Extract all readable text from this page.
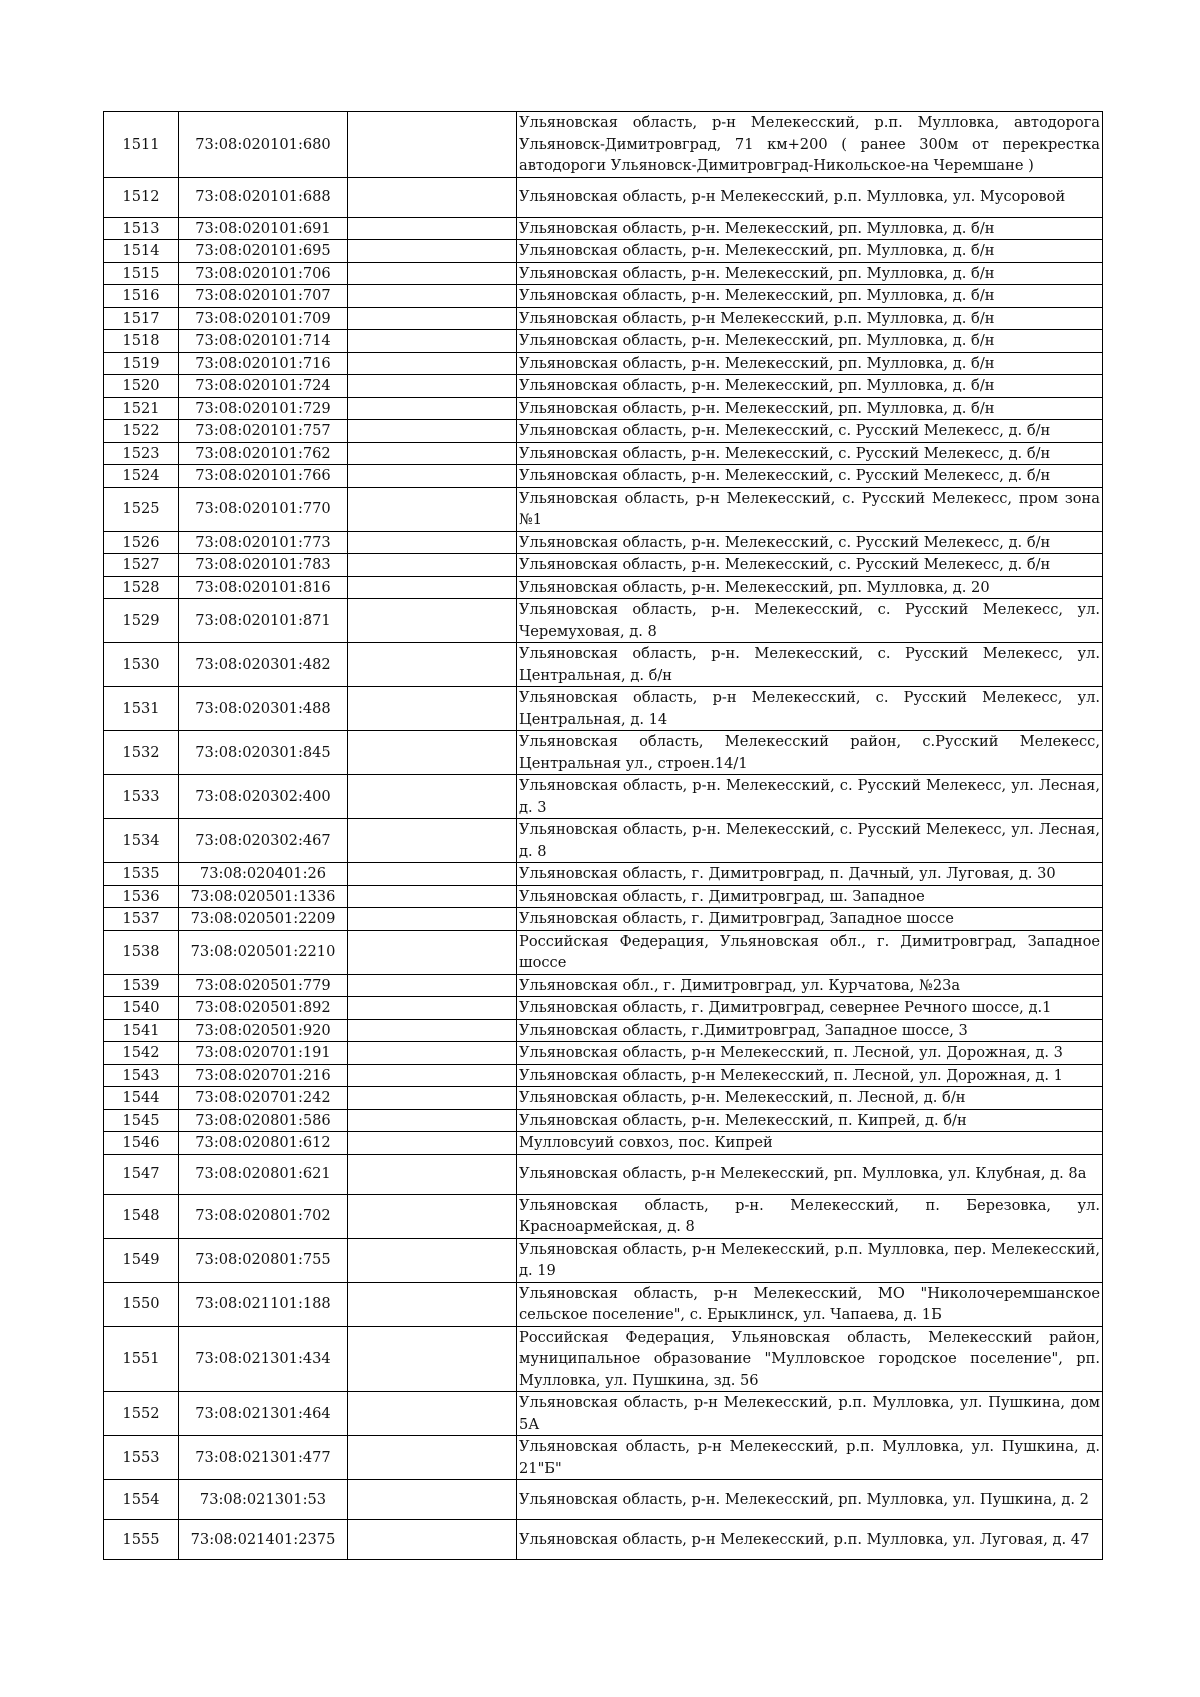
1511	73:08:020101:680		Ульяновская область, р-н Мелекесский, р.п. Мулловка, автодорога Ульяновск-Димитровград, 71 км+200 ( ранее 300м от перекрестка автодороги Ульяновск-Димитровград-Никольское-на Черемшане )
1512	73:08:020101:688		Ульяновская область, р-н Мелекесский, р.п. Мулловка, ул. Мусоровой
1513	73:08:020101:691		Ульяновская область, р-н. Мелекесский, рп. Мулловка, д. б/н
1514	73:08:020101:695		Ульяновская область, р-н. Мелекесский, рп. Мулловка, д. б/н
1515	73:08:020101:706		Ульяновская область, р-н. Мелекесский, рп. Мулловка, д. б/н
1516	73:08:020101:707		Ульяновская область, р-н. Мелекесский, рп. Мулловка, д. б/н
1517	73:08:020101:709		Ульяновская область, р-н Мелекесский, р.п. Мулловка, д. б/н
1518	73:08:020101:714		Ульяновская область, р-н. Мелекесский, рп. Мулловка, д. б/н
1519	73:08:020101:716		Ульяновская область, р-н. Мелекесский, рп. Мулловка, д. б/н
1520	73:08:020101:724		Ульяновская область, р-н. Мелекесский, рп. Мулловка, д. б/н
1521	73:08:020101:729		Ульяновская область, р-н. Мелекесский, рп. Мулловка, д. б/н
1522	73:08:020101:757		Ульяновская область, р-н. Мелекесский, с. Русский Мелекесс, д. б/н
1523	73:08:020101:762		Ульяновская область, р-н. Мелекесский, с. Русский Мелекесс, д. б/н
1524	73:08:020101:766		Ульяновская область, р-н. Мелекесский, с. Русский Мелекесс, д. б/н
1525	73:08:020101:770		Ульяновская область, р-н Мелекесский, с. Русский Мелекесс, пром зона №1
1526	73:08:020101:773		Ульяновская область, р-н. Мелекесский, с. Русский Мелекесс, д. б/н
1527	73:08:020101:783		Ульяновская область, р-н. Мелекесский, с. Русский Мелекесс, д. б/н
1528	73:08:020101:816		Ульяновская область, р-н. Мелекесский, рп. Мулловка, д. 20
1529	73:08:020101:871		Ульяновская область, р-н. Мелекесский, с. Русский Мелекесс, ул. Черемуховая, д. 8
1530	73:08:020301:482		Ульяновская область, р-н. Мелекесский, с. Русский Мелекесс, ул. Центральная, д. б/н
1531	73:08:020301:488		Ульяновская область, р-н Мелекесский, с. Русский Мелекесс, ул. Центральная, д. 14
1532	73:08:020301:845		Ульяновская область, Мелекесский район, с.Русский Мелекесс, Центральная ул., строен.14/1
1533	73:08:020302:400		Ульяновская область, р-н. Мелекесский, с. Русский Мелекесс, ул. Лесная, д. 3
1534	73:08:020302:467		Ульяновская область, р-н. Мелекесский, с. Русский Мелекесс, ул. Лесная, д. 8
1535	73:08:020401:26		Ульяновская область, г. Димитровград, п. Дачный, ул. Луговая, д. 30
1536	73:08:020501:1336		Ульяновская область, г. Димитровград, ш. Западное
1537	73:08:020501:2209		Ульяновская область, г. Димитровград, Западное шоссе
1538	73:08:020501:2210		Российская Федерация, Ульяновская обл., г. Димитровград, Западное шоссе
1539	73:08:020501:779		Ульяновская обл., г. Димитровград, ул. Курчатова, №23а
1540	73:08:020501:892		Ульяновская область, г. Димитровград, севернее Речного шоссе, д.1
1541	73:08:020501:920		Ульяновская область, г.Димитровград, Западное шоссе, 3
1542	73:08:020701:191		Ульяновская область, р-н Мелекесский, п. Лесной, ул. Дорожная, д. 3
1543	73:08:020701:216		Ульяновская область, р-н Мелекесский, п. Лесной, ул. Дорожная, д. 1
1544	73:08:020701:242		Ульяновская область, р-н. Мелекесский, п. Лесной, д. б/н
1545	73:08:020801:586		Ульяновская область, р-н. Мелекесский, п. Кипрей, д. б/н
1546	73:08:020801:612		Мулловсуий совхоз, пос. Кипрей
1547	73:08:020801:621		Ульяновская область, р-н Мелекесский, рп. Мулловка, ул. Клубная, д. 8а
1548	73:08:020801:702		Ульяновская область, р-н. Мелекесский, п. Березовка, ул. Красноармейская, д. 8
1549	73:08:020801:755		Ульяновская область, р-н Мелекесский, р.п. Мулловка, пер. Мелекесский, д. 19
1550	73:08:021101:188		Ульяновская область, р-н Мелекесский, МО "Николочеремшанское сельское поселение", с. Ерыклинск, ул. Чапаева, д. 1Б
1551	73:08:021301:434		Российская Федерация, Ульяновская область, Мелекесский район, муниципальное образование "Мулловское городское поселение", рп. Мулловка, ул. Пушкина, зд. 56
1552	73:08:021301:464		Ульяновская область, р-н Мелекесский, р.п. Мулловка, ул. Пушкина, дом 5А
1553	73:08:021301:477		Ульяновская область, р-н Мелекесский, р.п. Мулловка, ул. Пушкина, д. 21"Б"
1554	73:08:021301:53		Ульяновская область, р-н. Мелекесский, рп. Мулловка, ул. Пушкина, д. 2
1555	73:08:021401:2375		Ульяновская область, р-н Мелекесский, р.п. Мулловка, ул. Луговая, д. 47
